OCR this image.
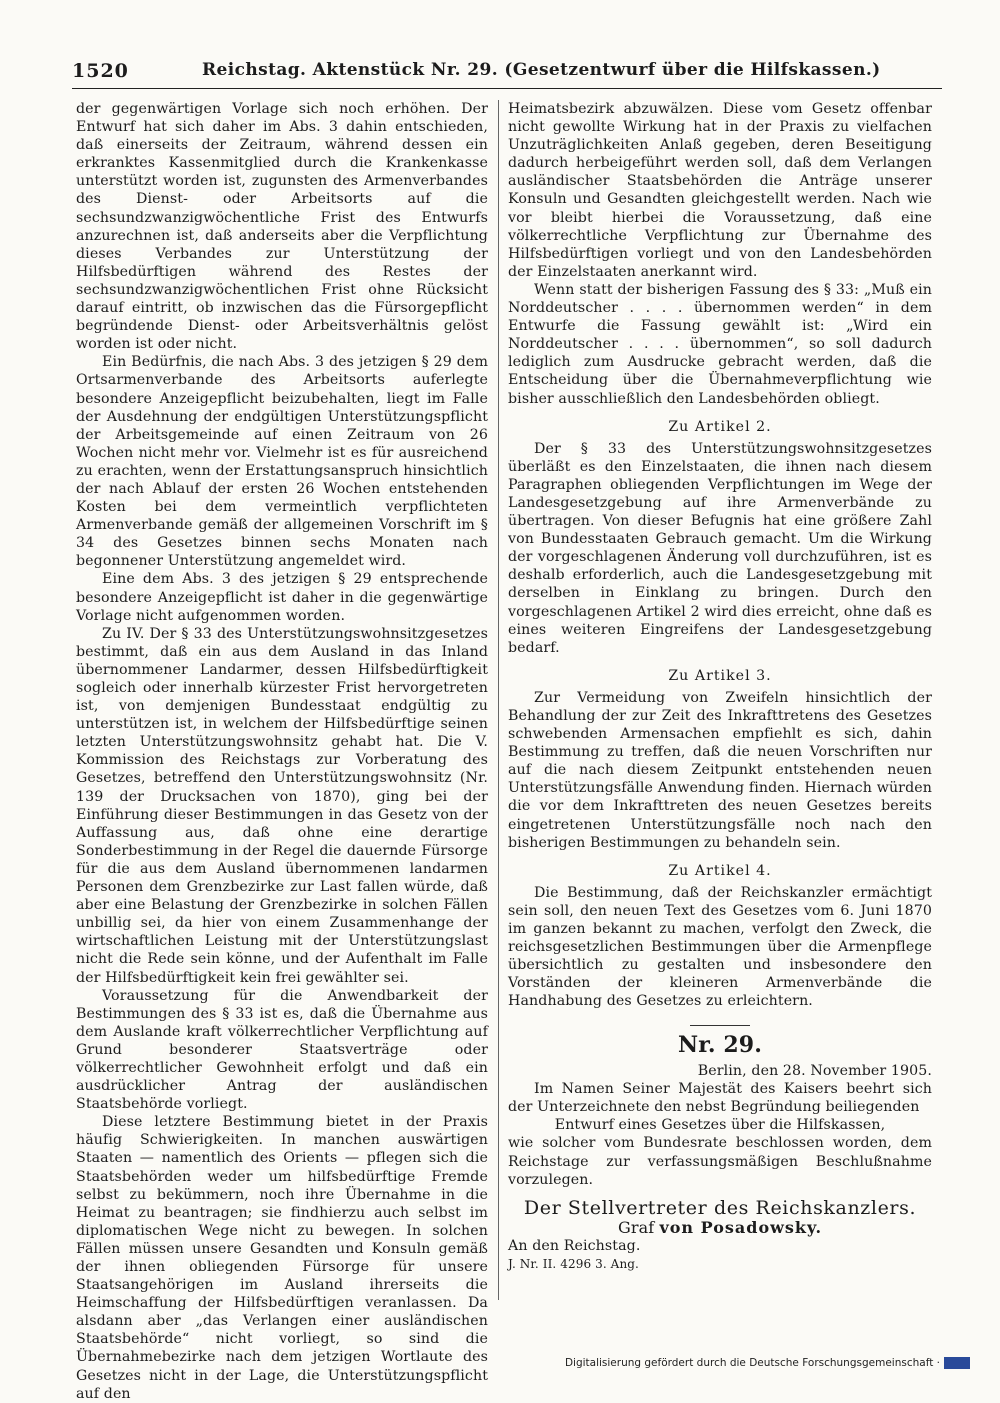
1520	Reichstag. Aktenstück Nr. 29. (Gesetzentwurf über die Hilfskassen.)

der gegenwärtigen Vorlage sich noch erhöhen. Der Entwurf hat sich daher im Abs. 3 dahin entschieden, daß einerseits der Zeitraum, während dessen ein erkranktes Kassenmitglied durch die Krankenkasse unterstützt worden ist, zugunsten des Armenverbandes des Dienst- oder Arbeitsorts auf die sechsundzwanzigwöchentliche Frist des Entwurfs anzurechnen ist, daß anderseits aber die Verpflichtung dieses Verbandes zur Unterstützung der Hilfsbedürftigen während des Restes der sechsundzwanzigwöchentlichen Frist ohne Rücksicht darauf eintritt, ob inzwischen das die Fürsorgepflicht begründende Dienst- oder Arbeitsverhältnis gelöst worden ist oder nicht.

Ein Bedürfnis, die nach Abs. 3 des jetzigen § 29 dem Ortsarmenverbande des Arbeitsorts auferlegte besondere Anzeigepflicht beizubehalten, liegt im Falle der Ausdehnung der endgültigen Unterstützungspflicht der Arbeitsgemeinde auf einen Zeitraum von 26 Wochen nicht mehr vor. Vielmehr ist es für ausreichend zu erachten, wenn der Erstattungsanspruch hinsichtlich der nach Ablauf der ersten 26 Wochen entstehenden Kosten bei dem vermeintlich verpflichteten Armenverbande gemäß der allgemeinen Vorschrift im § 34 des Gesetzes binnen sechs Monaten nach begonnener Unterstützung angemeldet wird.

Eine dem Abs. 3 des jetzigen § 29 entsprechende besondere Anzeigepflicht ist daher in die gegenwärtige Vorlage nicht aufgenommen worden.

Zu IV. Der § 33 des Unterstützungswohnsitzgesetzes bestimmt, daß ein aus dem Ausland in das Inland übernommener Landarmer, dessen Hilfsbedürftigkeit sogleich oder innerhalb kürzester Frist hervorgetreten ist, von demjenigen Bundesstaat endgültig zu unterstützen ist, in welchem der Hilfsbedürftige seinen letzten Unterstützungswohnsitz gehabt hat. Die V. Kommission des Reichstags zur Vorberatung des Gesetzes, betreffend den Unterstützungswohnsitz (Nr. 139 der Drucksachen von 1870), ging bei der Einführung dieser Bestimmungen in das Gesetz von der Auffassung aus, daß ohne eine derartige Sonderbestimmung in der Regel die dauernde Fürsorge für die aus dem Ausland übernommenen landarmen Personen dem Grenzbezirke zur Last fallen würde, daß aber eine Belastung der Grenzbezirke in solchen Fällen unbillig sei, da hier von einem Zusammenhange der wirtschaftlichen Leistung mit der Unterstützungslast nicht die Rede sein könne, und der Aufenthalt im Falle der Hilfsbedürftigkeit kein frei gewählter sei.

Voraussetzung für die Anwendbarkeit der Bestimmungen des § 33 ist es, daß die Übernahme aus dem Auslande kraft völkerrechtlicher Verpflichtung auf Grund besonderer Staatsverträge oder völkerrechtlicher Gewohnheit erfolgt und daß ein ausdrücklicher Antrag der ausländischen Staatsbehörde vorliegt.

Diese letztere Bestimmung bietet in der Praxis häufig Schwierigkeiten. In manchen auswärtigen Staaten — namentlich des Orients — pflegen sich die Staatsbehörden weder um hilfsbedürftige Fremde selbst zu bekümmern, noch ihre Übernahme in die Heimat zu beantragen; sie findhierzu auch selbst im diplomatischen Wege nicht zu bewegen. In solchen Fällen müssen unsere Gesandten und Konsuln gemäß der ihnen obliegenden Fürsorge für unsere Staatsangehörigen im Ausland ihrerseits die Heimschaffung der Hilfsbedürftigen veranlassen. Da alsdann aber „das Verlangen einer ausländischen Staatsbehörde“ nicht vorliegt, so sind die Übernahmebezirke nach dem jetzigen Wortlaute des Gesetzes nicht in der Lage, die Unterstützungspflicht auf den

Heimatsbezirk abzuwälzen. Diese vom Gesetz offenbar nicht gewollte Wirkung hat in der Praxis zu vielfachen Unzuträglichkeiten Anlaß gegeben, deren Beseitigung dadurch herbeigeführt werden soll, daß dem Verlangen ausländischer Staatsbehörden die Anträge unserer Konsuln und Gesandten gleichgestellt werden. Nach wie vor bleibt hierbei die Voraussetzung, daß eine völkerrechtliche Verpflichtung zur Übernahme des Hilfsbedürftigen vorliegt und von den Landesbehörden der Einzelstaaten anerkannt wird.

Wenn statt der bisherigen Fassung des § 33: „Muß ein Norddeutscher . . . . übernommen werden“ in dem Entwurfe die Fassung gewählt ist: „Wird ein Norddeutscher . . . . übernommen“, so soll dadurch lediglich zum Ausdrucke gebracht werden, daß die Entscheidung über die Übernahmeverpflichtung wie bisher ausschließlich den Landesbehörden obliegt.

Zu Artikel 2.

Der § 33 des Unterstützungswohnsitzgesetzes überläßt es den Einzelstaaten, die ihnen nach diesem Paragraphen obliegenden Verpflichtungen im Wege der Landesgesetzgebung auf ihre Armenverbände zu übertragen. Von dieser Befugnis hat eine größere Zahl von Bundesstaaten Gebrauch gemacht. Um die Wirkung der vorgeschlagenen Änderung voll durchzuführen, ist es deshalb erforderlich, auch die Landesgesetzgebung mit derselben in Einklang zu bringen. Durch den vorgeschlagenen Artikel 2 wird dies erreicht, ohne daß es eines weiteren Eingreifens der Landesgesetzgebung bedarf.

Zu Artikel 3.

Zur Vermeidung von Zweifeln hinsichtlich der Behandlung der zur Zeit des Inkrafttretens des Gesetzes schwebenden Armensachen empfiehlt es sich, dahin Bestimmung zu treffen, daß die neuen Vorschriften nur auf die nach diesem Zeitpunkt entstehenden neuen Unterstützungsfälle Anwendung finden. Hiernach würden die vor dem Inkrafttreten des neuen Gesetzes bereits eingetretenen Unterstützungsfälle noch nach den bisherigen Bestimmungen zu behandeln sein.

Zu Artikel 4.

Die Bestimmung, daß der Reichskanzler ermächtigt sein soll, den neuen Text des Gesetzes vom 6. Juni 1870 im ganzen bekannt zu machen, verfolgt den Zweck, die reichsgesetzlichen Bestimmungen über die Armenpflege übersichtlich zu gestalten und insbesondere den Vorständen der kleineren Armenverbände die Handhabung des Gesetzes zu erleichtern.

Nr. 29.

Berlin, den 28. November 1905.

Im Namen Seiner Majestät des Kaisers beehrt sich der Unterzeichnete den nebst Begründung beiliegenden

Entwurf eines Gesetzes über die Hilfskassen,

wie solcher vom Bundesrate beschlossen worden, dem Reichstage zur verfassungsmäßigen Beschlußnahme vorzulegen.

Der Stellvertreter des Reichskanzlers.
Graf von Posadowsky.

An den Reichstag.

J. Nr. II. 4296 3. Ang.

Digitalisierung gefördert durch die Deutsche Forschungsgemeinschaft ·
